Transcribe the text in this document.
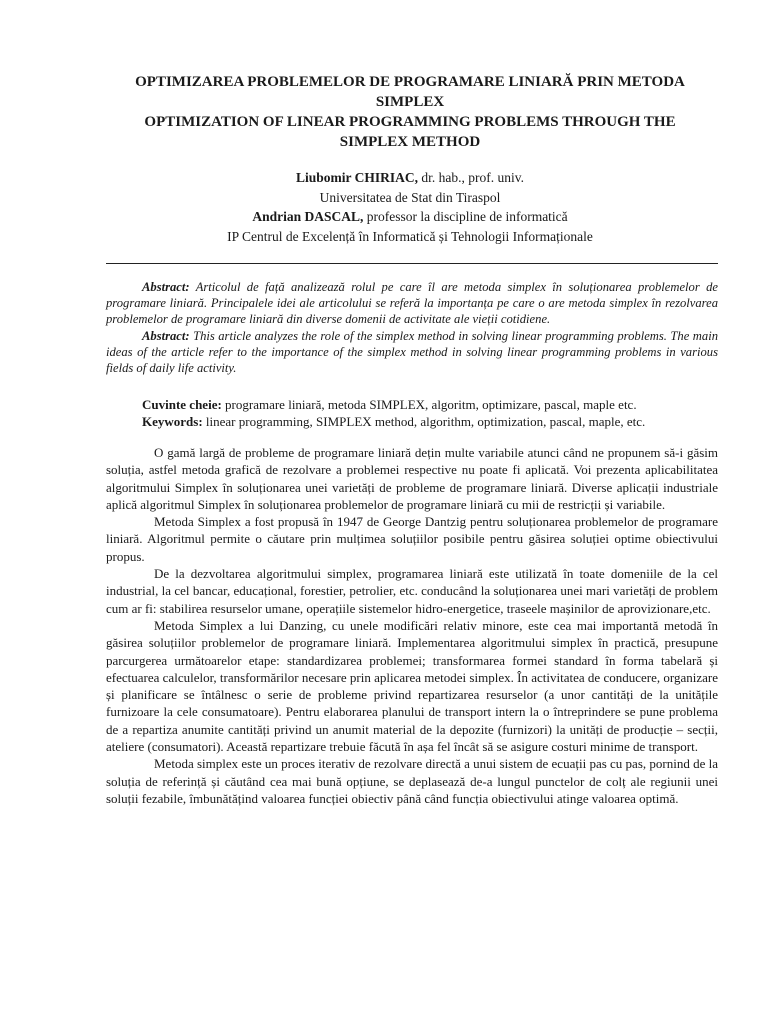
OPTIMIZAREA PROBLEMELOR DE PROGRAMARE LINIARĂ PRIN METODA
SIMPLEX
OPTIMIZATION OF LINEAR PROGRAMMING PROBLEMS THROUGH THE
SIMPLEX METHOD
Liubomir CHIRIAC, dr. hab., prof. univ.
Universitatea de Stat din Tiraspol
Andrian DASCAL, professor la discipline de informatică
IP Centrul de Excelență în Informatică și Tehnologii Informaționale

Abstract: Articolul de față analizează rolul pe care îl are metoda simplex în soluționarea problemelor de programare liniară. Principalele idei ale articolului se referă la importanța pe care o are metoda simplex în rezolvarea problemelor de programare liniară din diverse domenii de activitate ale vieții cotidiene.

Abstract: This article analyzes the role of the simplex method in solving linear programming problems. The main ideas of the article refer to the importance of the simplex method in solving linear programming problems in various fields of daily life activity.

Cuvinte cheie: programare liniară, metoda SIMPLEX, algoritm, optimizare, pascal, maple etc.

Keywords: linear programming, SIMPLEX method, algorithm, optimization, pascal, maple, etc.

O gamă largă de probleme de programare liniară dețin multe variabile atunci când ne propunem să-i găsim soluția, astfel metoda grafică de rezolvare a problemei respective nu poate fi aplicată. Voi prezenta aplicabilitatea algoritmului Simplex în soluționarea unei varietăți de probleme de programare liniară. Diverse aplicații industriale aplică algoritmul Simplex în soluționarea problemelor de programare liniară cu mii de restricții și variabile.

Metoda Simplex a fost propusă în 1947 de George Dantzig pentru soluționarea problemelor de programare liniară. Algoritmul permite o căutare prin mulțimea soluțiilor posibile pentru găsirea soluției optime obiectivului propus.

De la dezvoltarea algoritmului simplex, programarea liniară este utilizată în toate domeniile de la cel industrial, la cel bancar, educațional, forestier, petrolier, etc. conducând la soluționarea unei mari varietăți de problem cum ar fi: stabilirea resurselor umane, operațiile sistemelor hidro-energetice, traseele mașinilor de aprovizionare,etc.

Metoda Simplex a lui Danzing, cu unele modificări relativ minore, este cea mai importantă metodă în găsirea soluțiilor problemelor de programare liniară. Implementarea algoritmului simplex în practică, presupune parcurgerea următoarelor etape: standardizarea problemei; transformarea formei standard în forma tabelară și efectuarea calculelor, transformărilor necesare prin aplicarea metodei simplex. În activitatea de conducere, organizare și planificare se întâlnesc o serie de probleme privind repartizarea resurselor (a unor cantități de la unitățile furnizoare la cele consumatoare). Pentru elaborarea planului de transport intern la o întreprindere se pune problema de a repartiza anumite cantități privind un anumit material de la depozite (furnizori) la unități de producție – secții, ateliere (consumatori). Această repartizare trebuie făcută în așa fel încât să se asigure costuri minime de transport.

Metoda simplex este un proces iterativ de rezolvare directă a unui sistem de ecuații pas cu pas, pornind de la soluția de referință și căutând cea mai bună opțiune, se deplasează de-a lungul punctelor de colț ale regiunii unei soluții fezabile, îmbunătățind valoarea funcției obiectiv până când funcția obiectivului atinge valoarea optimă.
